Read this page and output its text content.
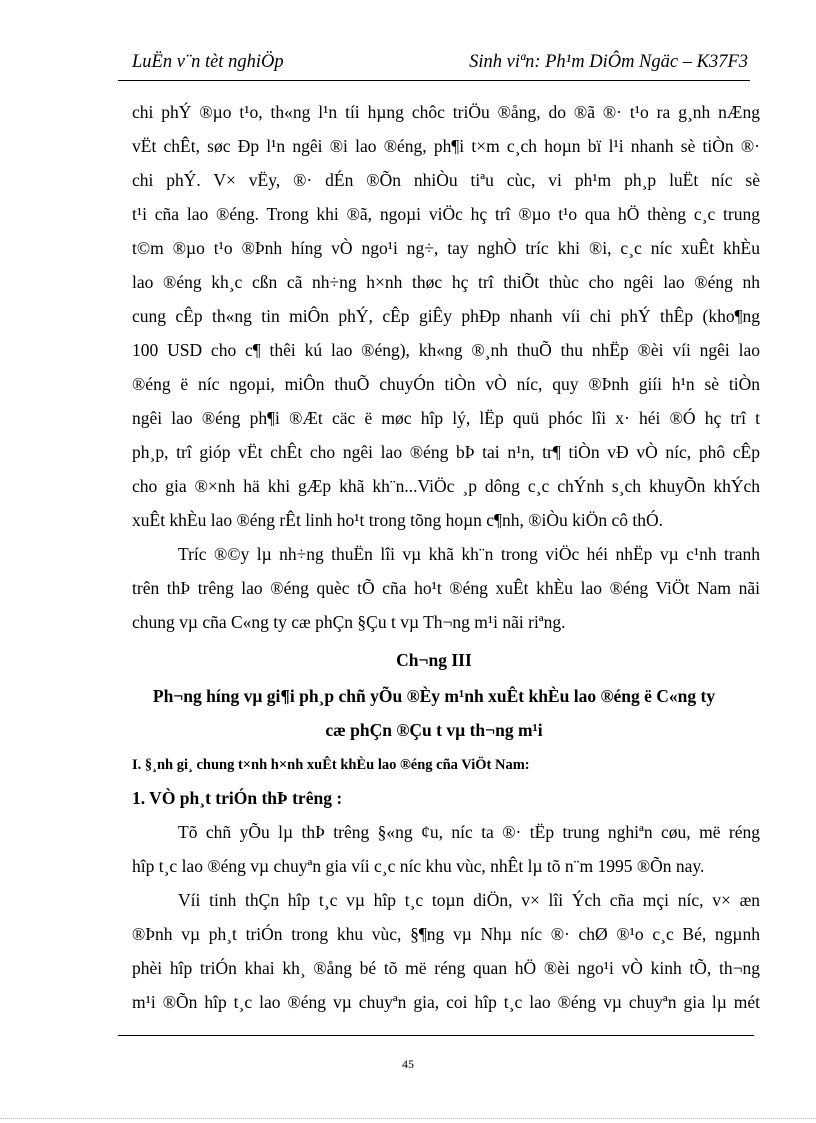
LuËn v¨n tèt nghiÖp	Sinh viªn: Ph¹m DiÔm Ngäc – K37F3
chi phÝ ®µo t¹o, th«ng l¹n tíi hµng chôc triÖu ®ång, do ®ã ®· t¹o ra g¸nh nÆng
vËt chÊt, søc Ðp l¹n ngêi ®i lao ®éng, ph¶i t×m c¸ch hoµn bï l¹i nhanh sè tiÒn ®·
chi phÝ. V× vËy, ®· dÉn ®Õn nhiÒu tiªu cùc, vi ph¹m ph¸p luËt níc sè
t¹i cña lao ®éng. Trong khi ®ã, ngoµi viÖc hç trî ®µo t¹o qua hÖ thèng c¸c trung
t©m ®µo t¹o ®Þnh híng vÒ ngo¹i ng÷, tay nghÒ tríc khi ®i, c¸c níc xuÊt khÈu
lao ®éng kh¸c cßn cã nh÷ng h×nh thøc hç trî thiÕt thùc cho ngêi lao ®éng nh
cung cÊp th«ng tin miÔn phÝ, cÊp giÊy phÐp nhanh víi chi phÝ thÊp (kho¶ng
100 USD cho c¶ thêi kú lao ®éng), kh«ng ®¸nh thuÕ thu nhËp ®èi víi ngêi lao
®éng ë níc ngoµi, miÔn thuÕ chuyÓn tiÒn vÒ níc, quy ®Þnh giíi h¹n sè tiÒn
ngêi lao ®éng ph¶i ®Æt cäc ë møc hîp lý, lËp quü phóc lîi x· héi ®Ó hç trî t
ph¸p, trî gióp vËt chÊt cho ngêi lao ®éng bÞ tai n¹n, tr¶ tiÒn vÐ vÒ níc, phô cÊp
cho gia ®×nh hä khi gÆp khã kh¨n...ViÖc ¸p dông c¸c chÝnh s¸ch khuyÕn khÝch
xuÊt khÈu lao ®éng rÊt linh ho¹t trong tõng hoµn c¶nh, ®iÒu kiÖn cô thÓ.
Tríc ®©y lµ nh÷ng thuËn lîi vµ khã kh¨n trong viÖc héi nhËp vµ c¹nh tranh
trên thÞ trêng lao ®éng quèc tÕ cña ho¹t ®éng xuÊt khÈu lao ®éng ViÖt Nam nãi
chung vµ cña C«ng ty cæ phÇn §Çu t vµ Th¬ng m¹i nãi riªng.
Ch¬ng III
Ph¬ng híng vµ gi¶i ph¸p chñ yÕu ®Èy m¹nh xuÊt khÈu lao ®éng ë C«ng ty
cæ phÇn ®Çu t vµ th¬ng m¹i
I. §¸nh gi¸ chung t×nh h×nh xuÊt khÈu lao ®éng cña ViÖt Nam:
1. VÒ ph¸t triÓn thÞ trêng :
Tõ chñ yÕu lµ thÞ trêng §«ng ¢u, níc ta ®· tËp trung nghiªn cøu, më réng
hîp t¸c lao ®éng vµ chuyªn gia víi c¸c níc khu vùc, nhÊt lµ tõ n¨m 1995 ®Õn nay.
Víi tinh thÇn hîp t¸c vµ hîp t¸c toµn diÖn, v× lîi Ých cña mçi níc, v× æn
®Þnh vµ ph¸t triÓn trong khu vùc, §¶ng vµ Nhµ níc ®· chØ ®¹o c¸c Bé, ngµnh
phèi hîp triÓn khai kh¸ ®ång bé tõ më réng quan hÖ ®èi ngo¹i vÒ kinh tÕ, th¬ng
m¹i ®Õn hîp t¸c lao ®éng vµ chuyªn gia, coi hîp t¸c lao ®éng vµ chuyªn gia lµ mét
45
